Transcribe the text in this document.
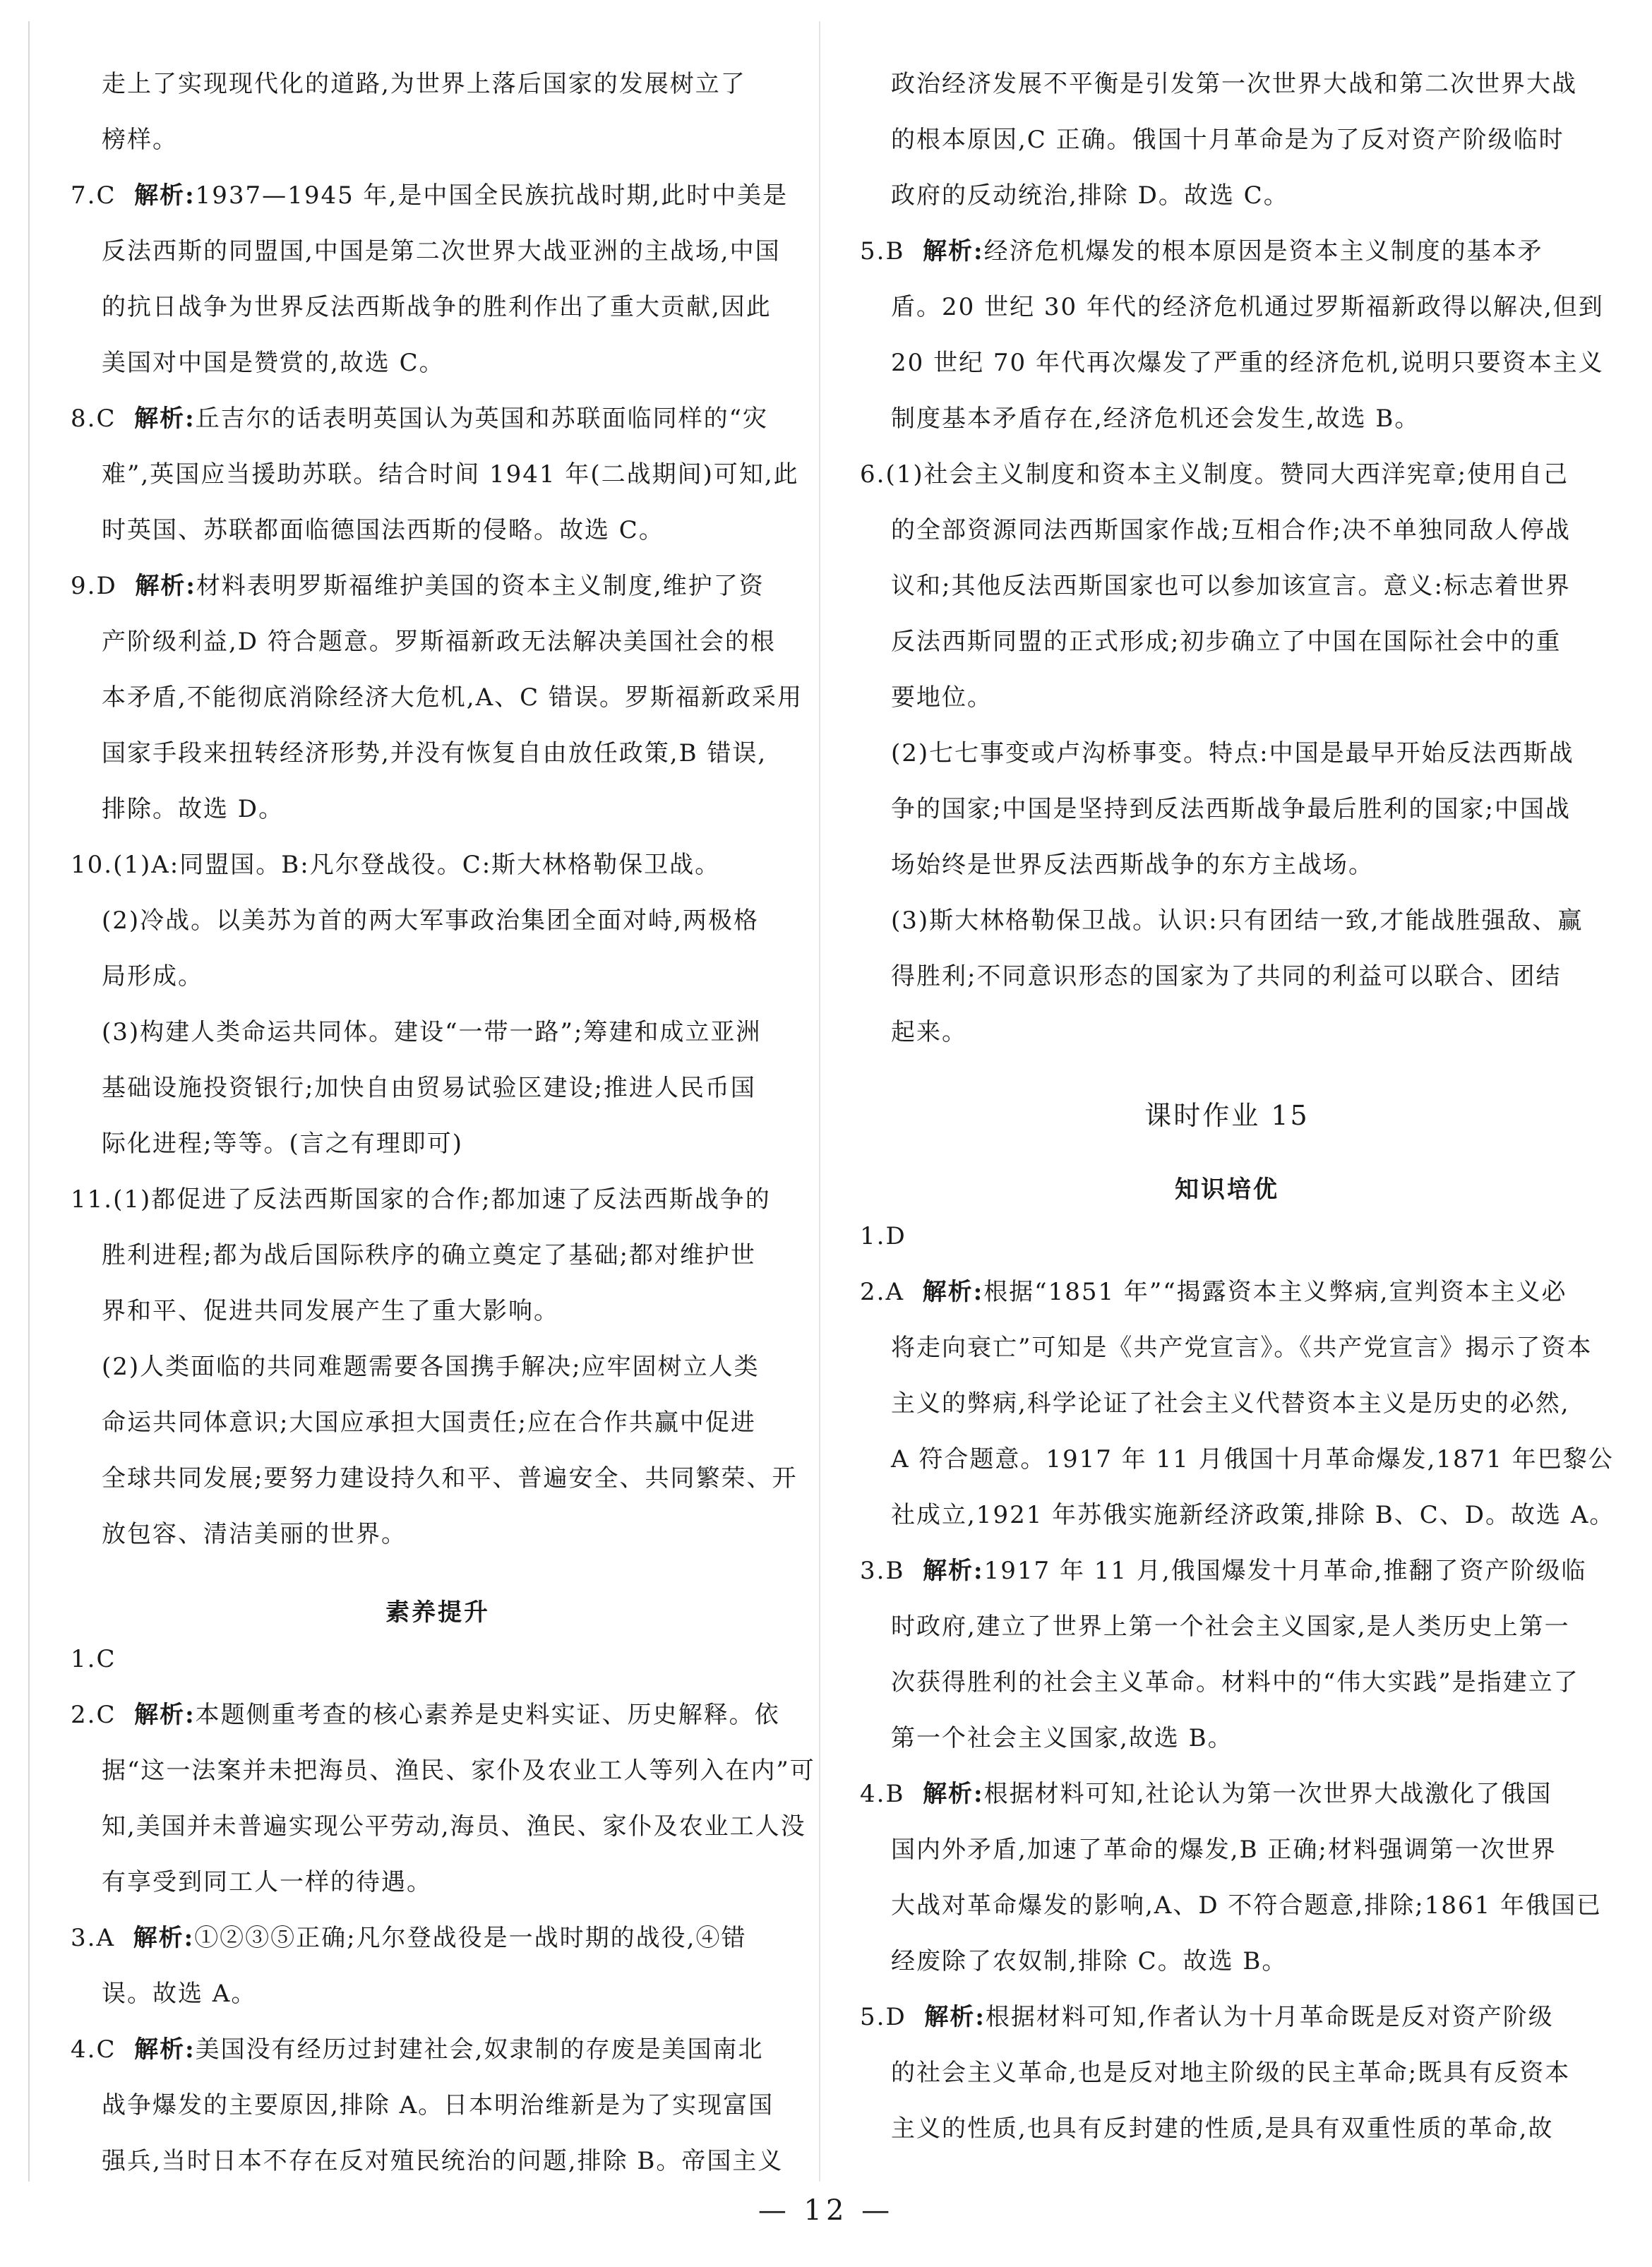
走上了实现现代化的道路,为世界上落后国家的发展树立了
榜样。
7.C 解析:1937—1945 年,是中国全民族抗战时期,此时中美是
反法西斯的同盟国,中国是第二次世界大战亚洲的主战场,中国
的抗日战争为世界反法西斯战争的胜利作出了重大贡献,因此
美国对中国是赞赏的,故选 C。
8.C 解析:丘吉尔的话表明英国认为英国和苏联面临同样的“灾
难”,英国应当援助苏联。结合时间 1941 年(二战期间)可知,此
时英国、苏联都面临德国法西斯的侵略。故选 C。
9.D 解析:材料表明罗斯福维护美国的资本主义制度,维护了资
产阶级利益,D 符合题意。罗斯福新政无法解决美国社会的根
本矛盾,不能彻底消除经济大危机,A、C 错误。罗斯福新政采用
国家手段来扭转经济形势,并没有恢复自由放任政策,B 错误,
排除。故选 D。
10.(1)A:同盟国。B:凡尔登战役。C:斯大林格勒保卫战。
(2)冷战。以美苏为首的两大军事政治集团全面对峙,两极格
局形成。
(3)构建人类命运共同体。建设“一带一路”;筹建和成立亚洲
基础设施投资银行;加快自由贸易试验区建设;推进人民币国
际化进程;等等。(言之有理即可)
11.(1)都促进了反法西斯国家的合作;都加速了反法西斯战争的
胜利进程;都为战后国际秩序的确立奠定了基础;都对维护世
界和平、促进共同发展产生了重大影响。
(2)人类面临的共同难题需要各国携手解决;应牢固树立人类
命运共同体意识;大国应承担大国责任;应在合作共赢中促进
全球共同发展;要努力建设持久和平、普遍安全、共同繁荣、开
放包容、清洁美丽的世界。
素养提升
1.C
2.C 解析:本题侧重考查的核心素养是史料实证、历史解释。依
据“这一法案并未把海员、渔民、家仆及农业工人等列入在内”可
知,美国并未普遍实现公平劳动,海员、渔民、家仆及农业工人没
有享受到同工人一样的待遇。
3.A 解析:①②③⑤正确;凡尔登战役是一战时期的战役,④错
误。故选 A。
4.C 解析:美国没有经历过封建社会,奴隶制的存废是美国南北
战争爆发的主要原因,排除 A。日本明治维新是为了实现富国
强兵,当时日本不存在反对殖民统治的问题,排除 B。帝国主义
政治经济发展不平衡是引发第一次世界大战和第二次世界大战
的根本原因,C 正确。俄国十月革命是为了反对资产阶级临时
政府的反动统治,排除 D。故选 C。
5.B 解析:经济危机爆发的根本原因是资本主义制度的基本矛
盾。20 世纪 30 年代的经济危机通过罗斯福新政得以解决,但到
20 世纪 70 年代再次爆发了严重的经济危机,说明只要资本主义
制度基本矛盾存在,经济危机还会发生,故选 B。
6.(1)社会主义制度和资本主义制度。赞同大西洋宪章;使用自己
的全部资源同法西斯国家作战;互相合作;决不单独同敌人停战
议和;其他反法西斯国家也可以参加该宣言。意义:标志着世界
反法西斯同盟的正式形成;初步确立了中国在国际社会中的重
要地位。
(2)七七事变或卢沟桥事变。特点:中国是最早开始反法西斯战
争的国家;中国是坚持到反法西斯战争最后胜利的国家;中国战
场始终是世界反法西斯战争的东方主战场。
(3)斯大林格勒保卫战。认识:只有团结一致,才能战胜强敌、赢
得胜利;不同意识形态的国家为了共同的利益可以联合、团结
起来。
课时作业 15
知识培优
1.D
2.A 解析:根据“1851 年”“揭露资本主义弊病,宣判资本主义必
将走向衰亡”可知是《共产党宣言》。《共产党宣言》揭示了资本
主义的弊病,科学论证了社会主义代替资本主义是历史的必然,
A 符合题意。1917 年 11 月俄国十月革命爆发,1871 年巴黎公
社成立,1921 年苏俄实施新经济政策,排除 B、C、D。故选 A。
3.B 解析:1917 年 11 月,俄国爆发十月革命,推翻了资产阶级临
时政府,建立了世界上第一个社会主义国家,是人类历史上第一
次获得胜利的社会主义革命。材料中的“伟大实践”是指建立了
第一个社会主义国家,故选 B。
4.B 解析:根据材料可知,社论认为第一次世界大战激化了俄国
国内外矛盾,加速了革命的爆发,B 正确;材料强调第一次世界
大战对革命爆发的影响,A、D 不符合题意,排除;1861 年俄国已
经废除了农奴制,排除 C。故选 B。
5.D 解析:根据材料可知,作者认为十月革命既是反对资产阶级
的社会主义革命,也是反对地主阶级的民主革命;既具有反资本
主义的性质,也具有反封建的性质,是具有双重性质的革命,故
— 12 —
